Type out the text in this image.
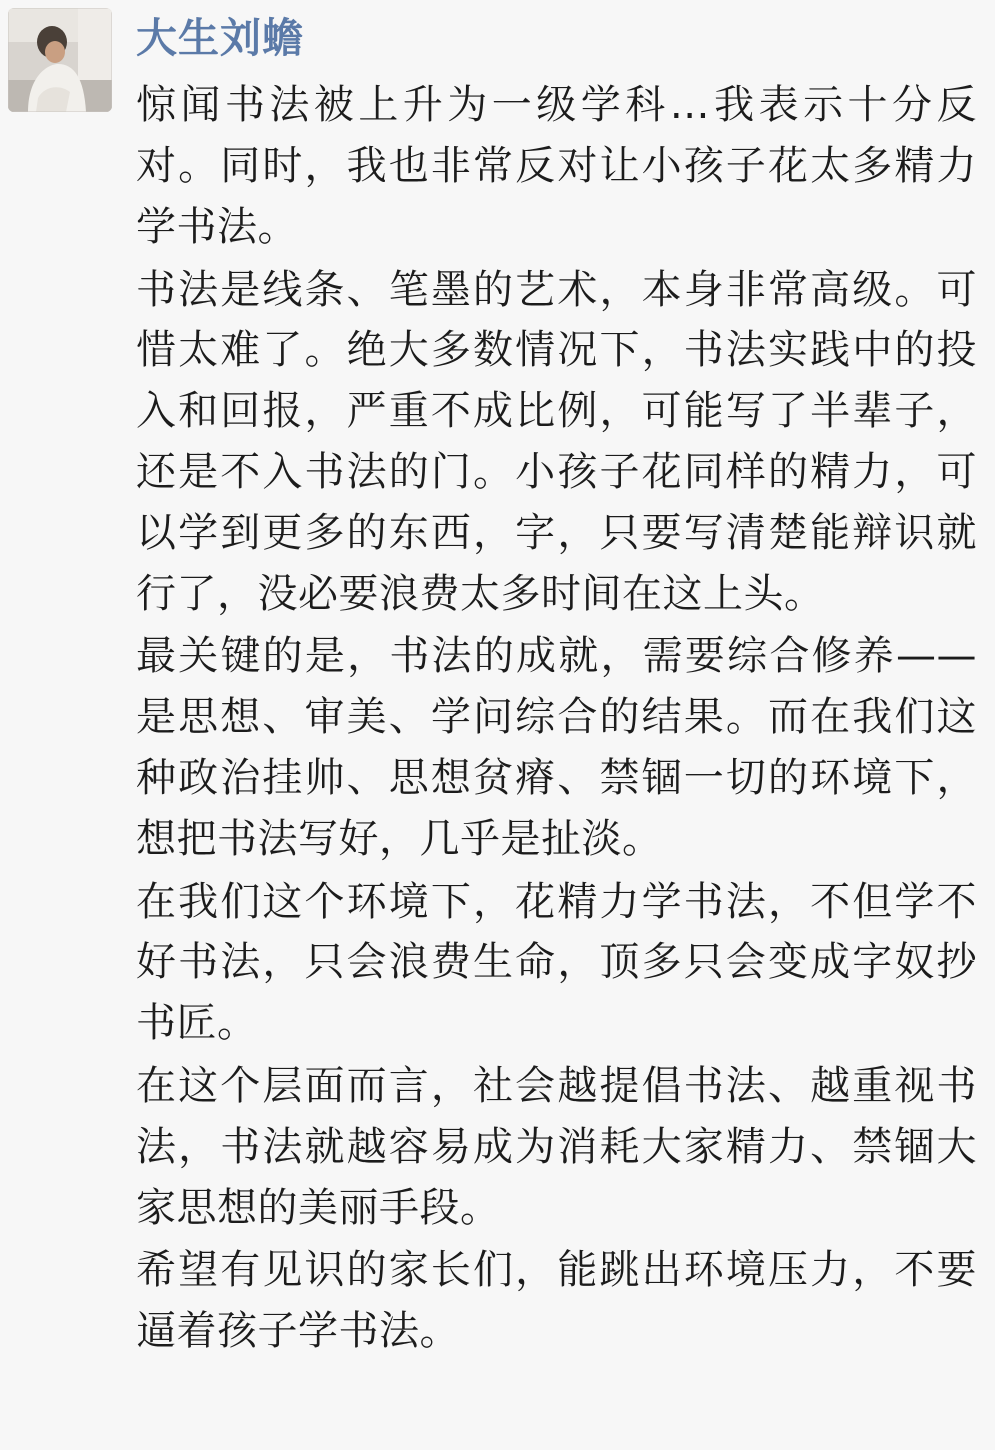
大生刘蟾

惊闻书法被上升为一级学科…我表示十分反对。同时，我也非常反对让小孩子花太多精力学书法。

书法是线条、笔墨的艺术，本身非常高级。可惜太难了。绝大多数情况下，书法实践中的投入和回报，严重不成比例，可能写了半辈子，还是不入书法的门。小孩子花同样的精力，可以学到更多的东西，字，只要写清楚能辩识就行了，没必要浪费太多时间在这上头。

最关键的是，书法的成就，需要综合修养——是思想、审美、学问综合的结果。而在我们这种政治挂帅、思想贫瘠、禁锢一切的环境下，想把书法写好，几乎是扯淡。

在我们这个环境下，花精力学书法，不但学不好书法，只会浪费生命，顶多只会变成字奴抄书匠。

在这个层面而言，社会越提倡书法、越重视书法，书法就越容易成为消耗大家精力、禁锢大家思想的美丽手段。

希望有见识的家长们，能跳出环境压力，不要逼着孩子学书法。
